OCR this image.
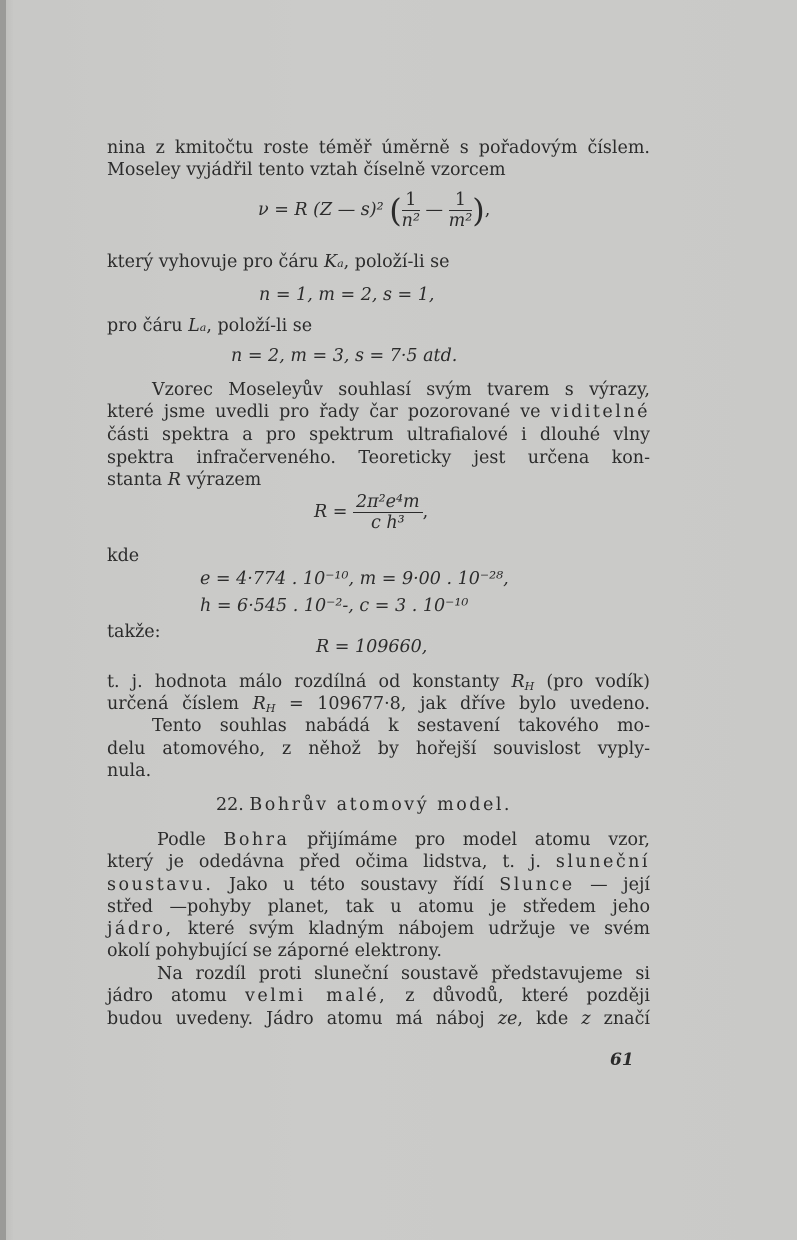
nina z kmitočtu roste téměř úměrně s pořadovým číslem.
Moseley vyjádřil tento vztah číselně vzorcem
ν = R (Z — s)² ( $\frac{1}{\text{n²}}$ — $\frac{1}{\text{m²}}$ ),
který vyhovuje pro čáru Kₐ, položí-li se
n = 1, m = 2, s = 1,
pro čáru Lₐ, položí-li se
n = 2, m = 3, s = 7·5 atd.
Vzorec Moseleyův souhlasí svým tvarem s výrazy,
které jsme uvedli pro řady čar pozorované ve viditelné
části spektra a pro spektrum ultrafialové i dlouhé vlny
spektra infračerveného. Teoreticky jest určena kon-
stanta R výrazem
$R = \frac{\text{2π²e⁴m}}{\text{c h³}}$ ,
kde
e = 4·774 . 10⁻¹⁰, m = 9·00 . 10⁻²⁸,
h = 6·545 . 10⁻²-, c = 3 . 10⁻¹⁰
takže:
R = 109660,
t. j. hodnota málo rozdílná od konstanty $R_H$ (pro vodík)
určená číslem $R_H = 109677\cdot 8$, jak dříve bylo uvedeno.
Tento souhlas nabádá k sestavení takového mo-
delu atomového, z něhož by hořejší souvislost vyply-
nula.
22. Bohrův atomový model.
Podle Bohra přijímáme pro model atomu vzor,
který je odedávna před očima lidstva, t. j. sluneční
soustavu. Jako u této soustavy řídí Slunce — její
střed —pohyby planet, tak u atomu je středem jeho
jádro, které svým kladným nábojem udržuje ve svém
okolí pohybující se záporné elektrony.
Na rozdíl proti sluneční soustavě představujeme si
jádro atomu velmi malé, z důvodů, které později
budou uvedeny. Jádro atomu má náboj ze, kde z značí
61
